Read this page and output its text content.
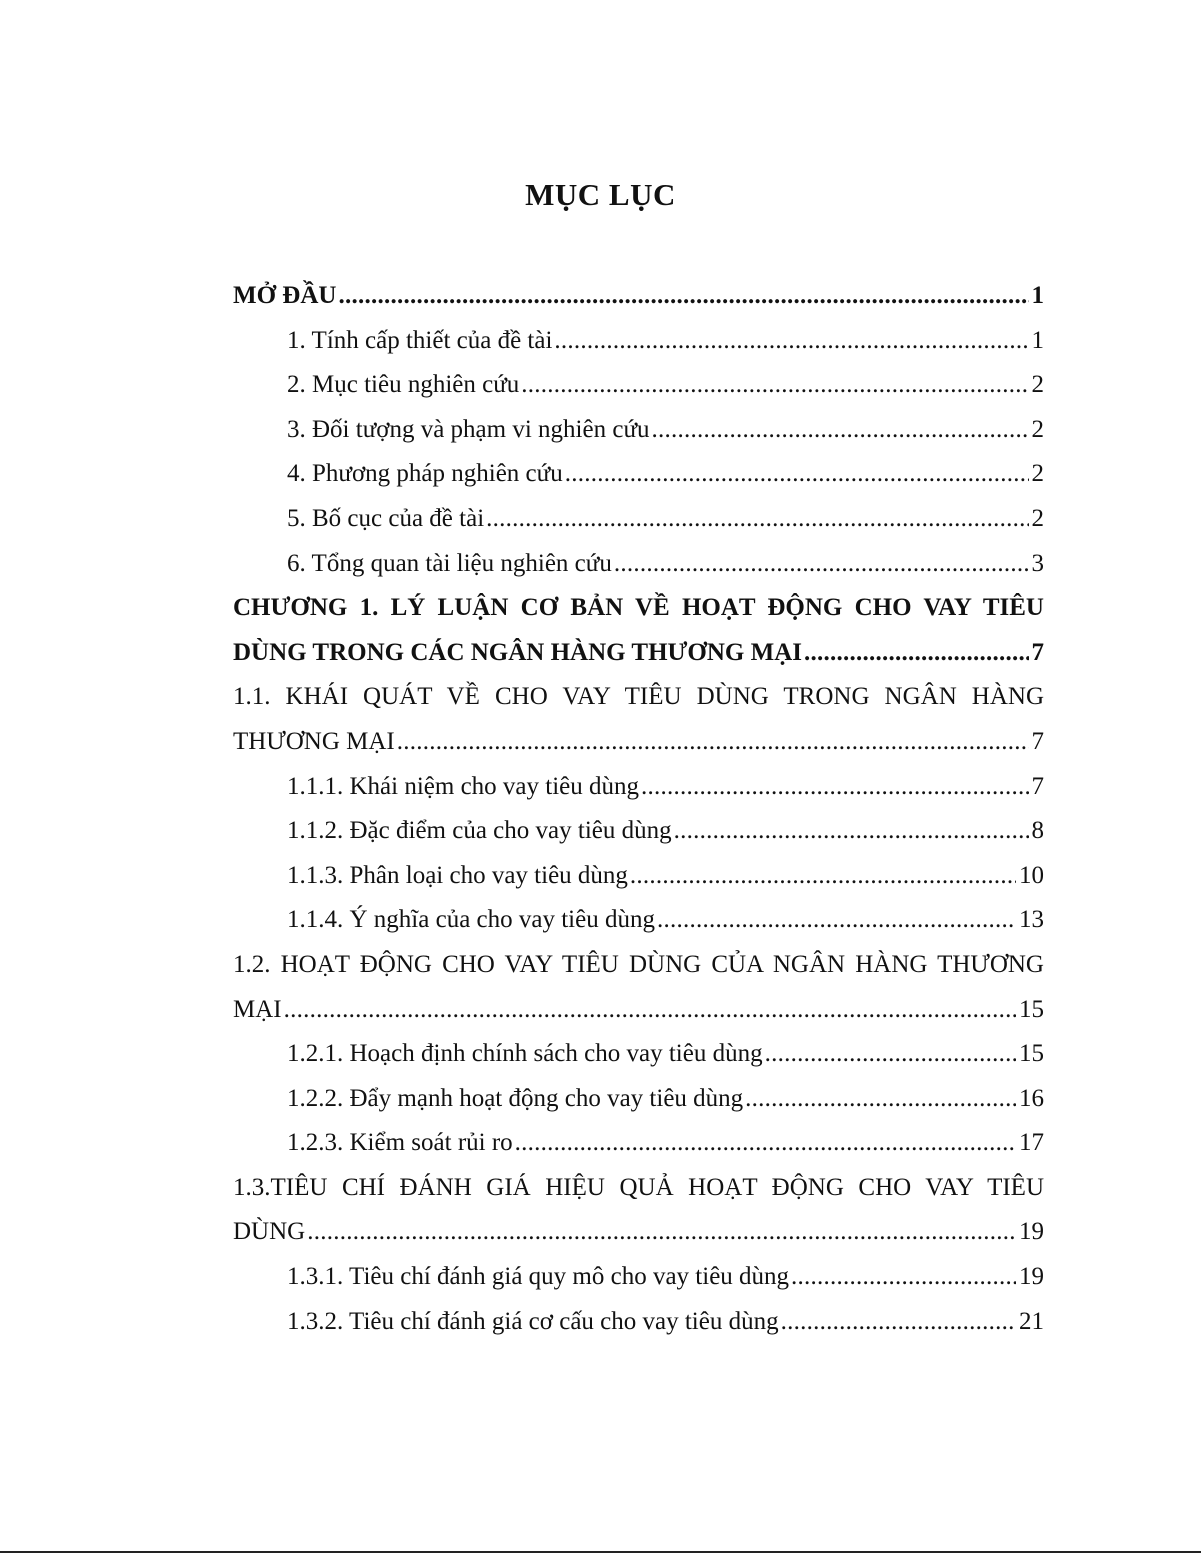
MỤC LỤC
MỞ ĐẦU . . .	1
1. Tính cấp thiết của đề tài . . .	1
2. Mục tiêu nghiên cứu . . .	2
3. Đối tượng và phạm vi nghiên cứu . . .	2
4. Phương pháp nghiên cứu . . .	2
5. Bố cục của đề tài . . .	2
6. Tổng quan tài liệu nghiên cứu . . .	3
CHƯƠNG 1. LÝ LUẬN CƠ BẢN VỀ HOẠT ĐỘNG CHO VAY TIÊU
DÙNG TRONG CÁC NGÂN HÀNG THƯƠNG MẠI . . .	7
1.1. KHÁI QUÁT VỀ CHO VAY TIÊU DÙNG TRONG NGÂN HÀNG
THƯƠNG MẠI . . .	7
1.1.1. Khái niệm cho vay tiêu dùng . . .	7
1.1.2. Đặc điểm của cho vay tiêu dùng . . .	8
1.1.3. Phân loại cho vay tiêu dùng . . .	10
1.1.4. Ý nghĩa của cho vay tiêu dùng . . .	13
1.2. HOẠT ĐỘNG CHO VAY TIÊU DÙNG CỦA NGÂN HÀNG THƯƠNG
MẠI . . .	15
1.2.1. Hoạch định chính sách cho vay tiêu dùng . . .	15
1.2.2. Đẩy mạnh hoạt động cho vay tiêu dùng . . .	16
1.2.3. Kiểm soát rủi ro . . .	17
1.3.TIÊU CHÍ ĐÁNH GIÁ HIỆU QUẢ HOẠT ĐỘNG CHO VAY TIÊU
DÙNG . . .	19
1.3.1. Tiêu chí đánh giá quy mô cho vay tiêu dùng . . .	19
1.3.2. Tiêu chí đánh giá cơ cấu cho vay tiêu dùng . . .	21
